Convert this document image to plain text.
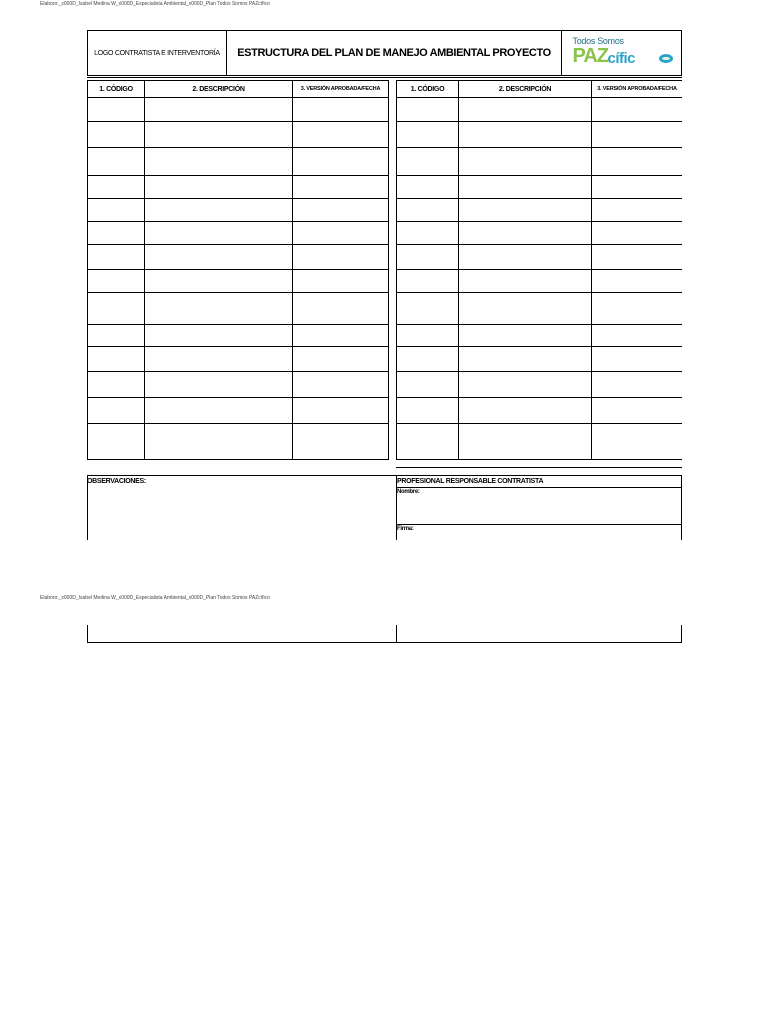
Elaboro:_x000D_Isabel Medina W_x000D_Especialista Ambiental_x000D_Plan Todos Somos PAZcífico
LOGO CONTRATISTA E INTERVENTORÍA	ESTRUCTURA DEL PLAN DE MANEJO AMBIENTAL PROYECTO
Todos Somos
PAZ cífic
1. CÓDIGO	2. DESCRIPCIÓN	3. VERSIÓN APROBADA/FECHA

			1. CÓDIGO	2. DESCRIPCIÓN	3. VERSIÓN APROBADA/FECHA

OBSERVACIONES:	PROFESIONAL RESPONSABLE CONTRATISTA
Nombre:
Firma:
Elaboro:_x000D_Isabel Medina W_x000D_Especialista Ambiental_x000D_Plan Todos Somos PAZcífico
